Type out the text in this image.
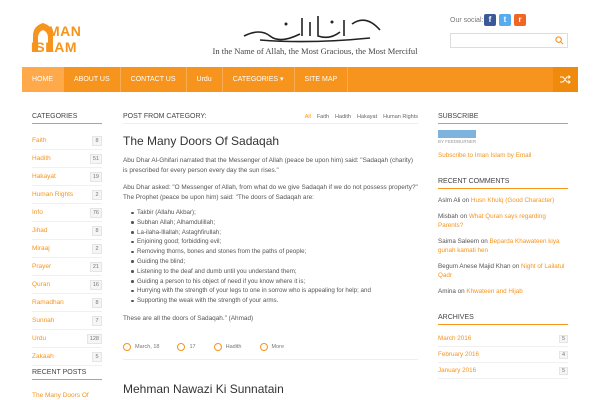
MAN
ISLAM	In the Name of Allah, the Most Gracious, the Most Merciful
Our social: f	t	r
HOME	ABOUT US	CONTACT US	Urdu	CATEGORIES ▾	SITE MAP
CATEGORIES
Faith	8
Hadith	51
Hakayat	19
Human Rights	2
Info	76
Jihad	8
Miraaj	2
Prayer	21
Quran	16
Ramadhan	8
Sunnah	7
Urdu	128
Zakaah	5
RECENT POSTS
The Many Doors Of
POST FROM CATEGORY:	All Faith Hadith Hakayat Human Rights
The Many Doors Of Sadaqah
Abu Dhar Al-Ghifari narrated that the Messenger of Allah (peace be upon him) said: "Sadaqah (charity) is prescribed for every person every day the sun rises."
Abu Dhar asked: "O Messenger of Allah, from what do we give Sadaqah if we do not possess property?" The Prophet (peace be upon him) said: "The doors of Sadaqah are:
Takbir (Allahu Akbar);
Subhan Allah; Alhamdulillah;
La-ilaha-Illallah; Astaghfirullah;
Enjoining good; forbidding evil;
Removing thorns, bones and stones from the paths of people;
Guiding the blind;
Listening to the deaf and dumb until you understand them;
Guiding a person to his object of need if you know where it is;
Hurrying with the strength of your legs to one in sorrow who is appealing for help; and
Supporting the weak with the strength of your arms.
These are all the doors of Sadaqah." (Ahmad)
March, 18	17	Hadith	More
Mehman Nawazi Ki Sunnatain
SUBSCRIBE
BY FEEDBURNER
Subscribe to Iman Islam by Email
RECENT COMMENTS
Aslm Ali on Husn Khulq (Good Character)
Misbah on What Quran says regarding Parents?
Saima Saleem on Beparda Khawateen kiya gunah kamati hen
Begum Anese Majid Khan on Night of Lailatul Qadr
Amina on Khwateen and Hijab
ARCHIVES
March 2016	5
February 2016	4
January 2016	5
